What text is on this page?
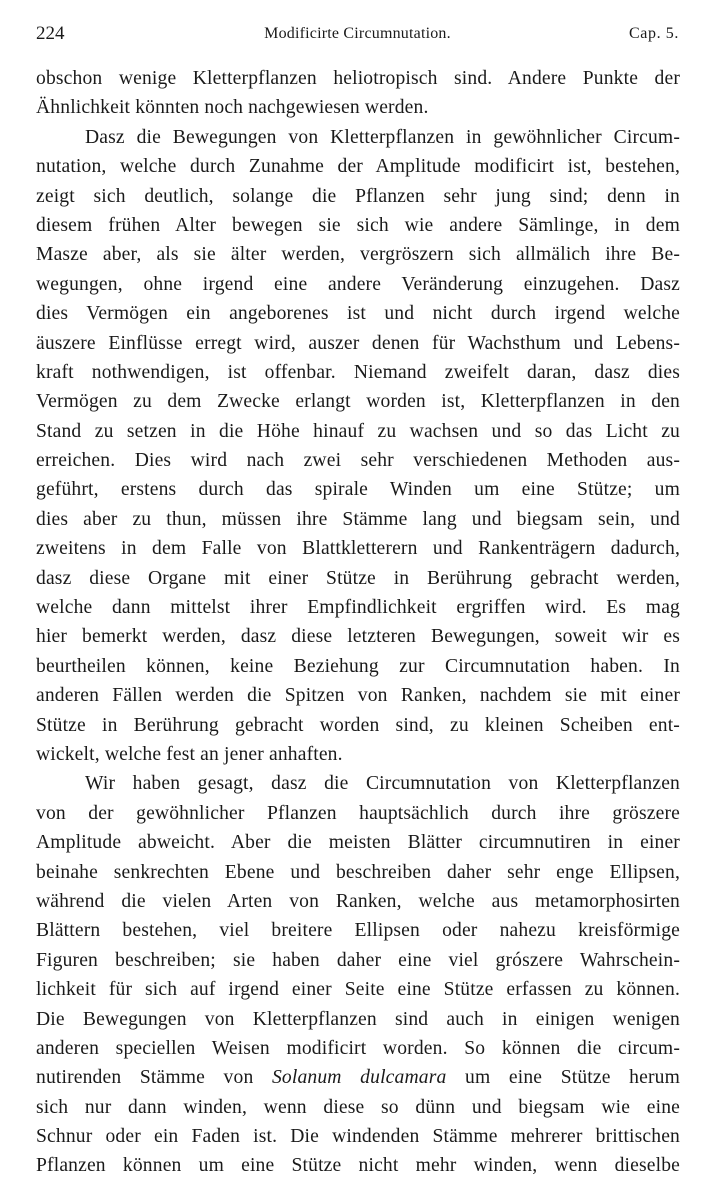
224	Modificirte Circumnutation.	Cap. 5.
obschon wenige Kletterpflanzen heliotropisch sind. Andere Punkte der
Ähnlichkeit könnten noch nachgewiesen werden.
Dasz die Bewegungen von Kletterpflanzen in gewöhnlicher Circum-
nutation, welche durch Zunahme der Amplitude modificirt ist, bestehen,
zeigt sich deutlich, solange die Pflanzen sehr jung sind; denn in
diesem frühen Alter bewegen sie sich wie andere Sämlinge, in dem
Masze aber, als sie älter werden, vergröszern sich allmälich ihre Be-
wegungen, ohne irgend eine andere Veränderung einzugehen. Dasz
dies Vermögen ein angeborenes ist und nicht durch irgend welche
äuszere Einflüsse erregt wird, auszer denen für Wachsthum und Lebens-
kraft nothwendigen, ist offenbar. Niemand zweifelt daran, dasz dies
Vermögen zu dem Zwecke erlangt worden ist, Kletterpflanzen in den
Stand zu setzen in die Höhe hinauf zu wachsen und so das Licht zu
erreichen. Dies wird nach zwei sehr verschiedenen Methoden aus-
geführt, erstens durch das spirale Winden um eine Stütze; um
dies aber zu thun, müssen ihre Stämme lang und biegsam sein, und
zweitens in dem Falle von Blattkletterern und Rankenträgern dadurch,
dasz diese Organe mit einer Stütze in Berührung gebracht werden,
welche dann mittelst ihrer Empfindlichkeit ergriffen wird. Es mag
hier bemerkt werden, dasz diese letzteren Bewegungen, soweit wir es
beurtheilen können, keine Beziehung zur Circumnutation haben. In
anderen Fällen werden die Spitzen von Ranken, nachdem sie mit einer
Stütze in Berührung gebracht worden sind, zu kleinen Scheiben ent-
wickelt, welche fest an jener anhaften.
Wir haben gesagt, dasz die Circumnutation von Kletterpflanzen
von der gewöhnlicher Pflanzen hauptsächlich durch ihre gröszere
Amplitude abweicht. Aber die meisten Blätter circumnutiren in einer
beinahe senkrechten Ebene und beschreiben daher sehr enge Ellipsen,
während die vielen Arten von Ranken, welche aus metamorphosirten
Blättern bestehen, viel breitere Ellipsen oder nahezu kreisförmige
Figuren beschreiben; sie haben daher eine viel grószere Wahrschein-
lichkeit für sich auf irgend einer Seite eine Stütze erfassen zu können.
Die Bewegungen von Kletterpflanzen sind auch in einigen wenigen
anderen speciellen Weisen modificirt worden. So können die circum-
nutirenden Stämme von Solanum dulcamara um eine Stütze herum
sich nur dann winden, wenn diese so dünn und biegsam wie eine
Schnur oder ein Faden ist. Die windenden Stämme mehrerer brittischen
Pflanzen können um eine Stütze nicht mehr winden, wenn dieselbe
